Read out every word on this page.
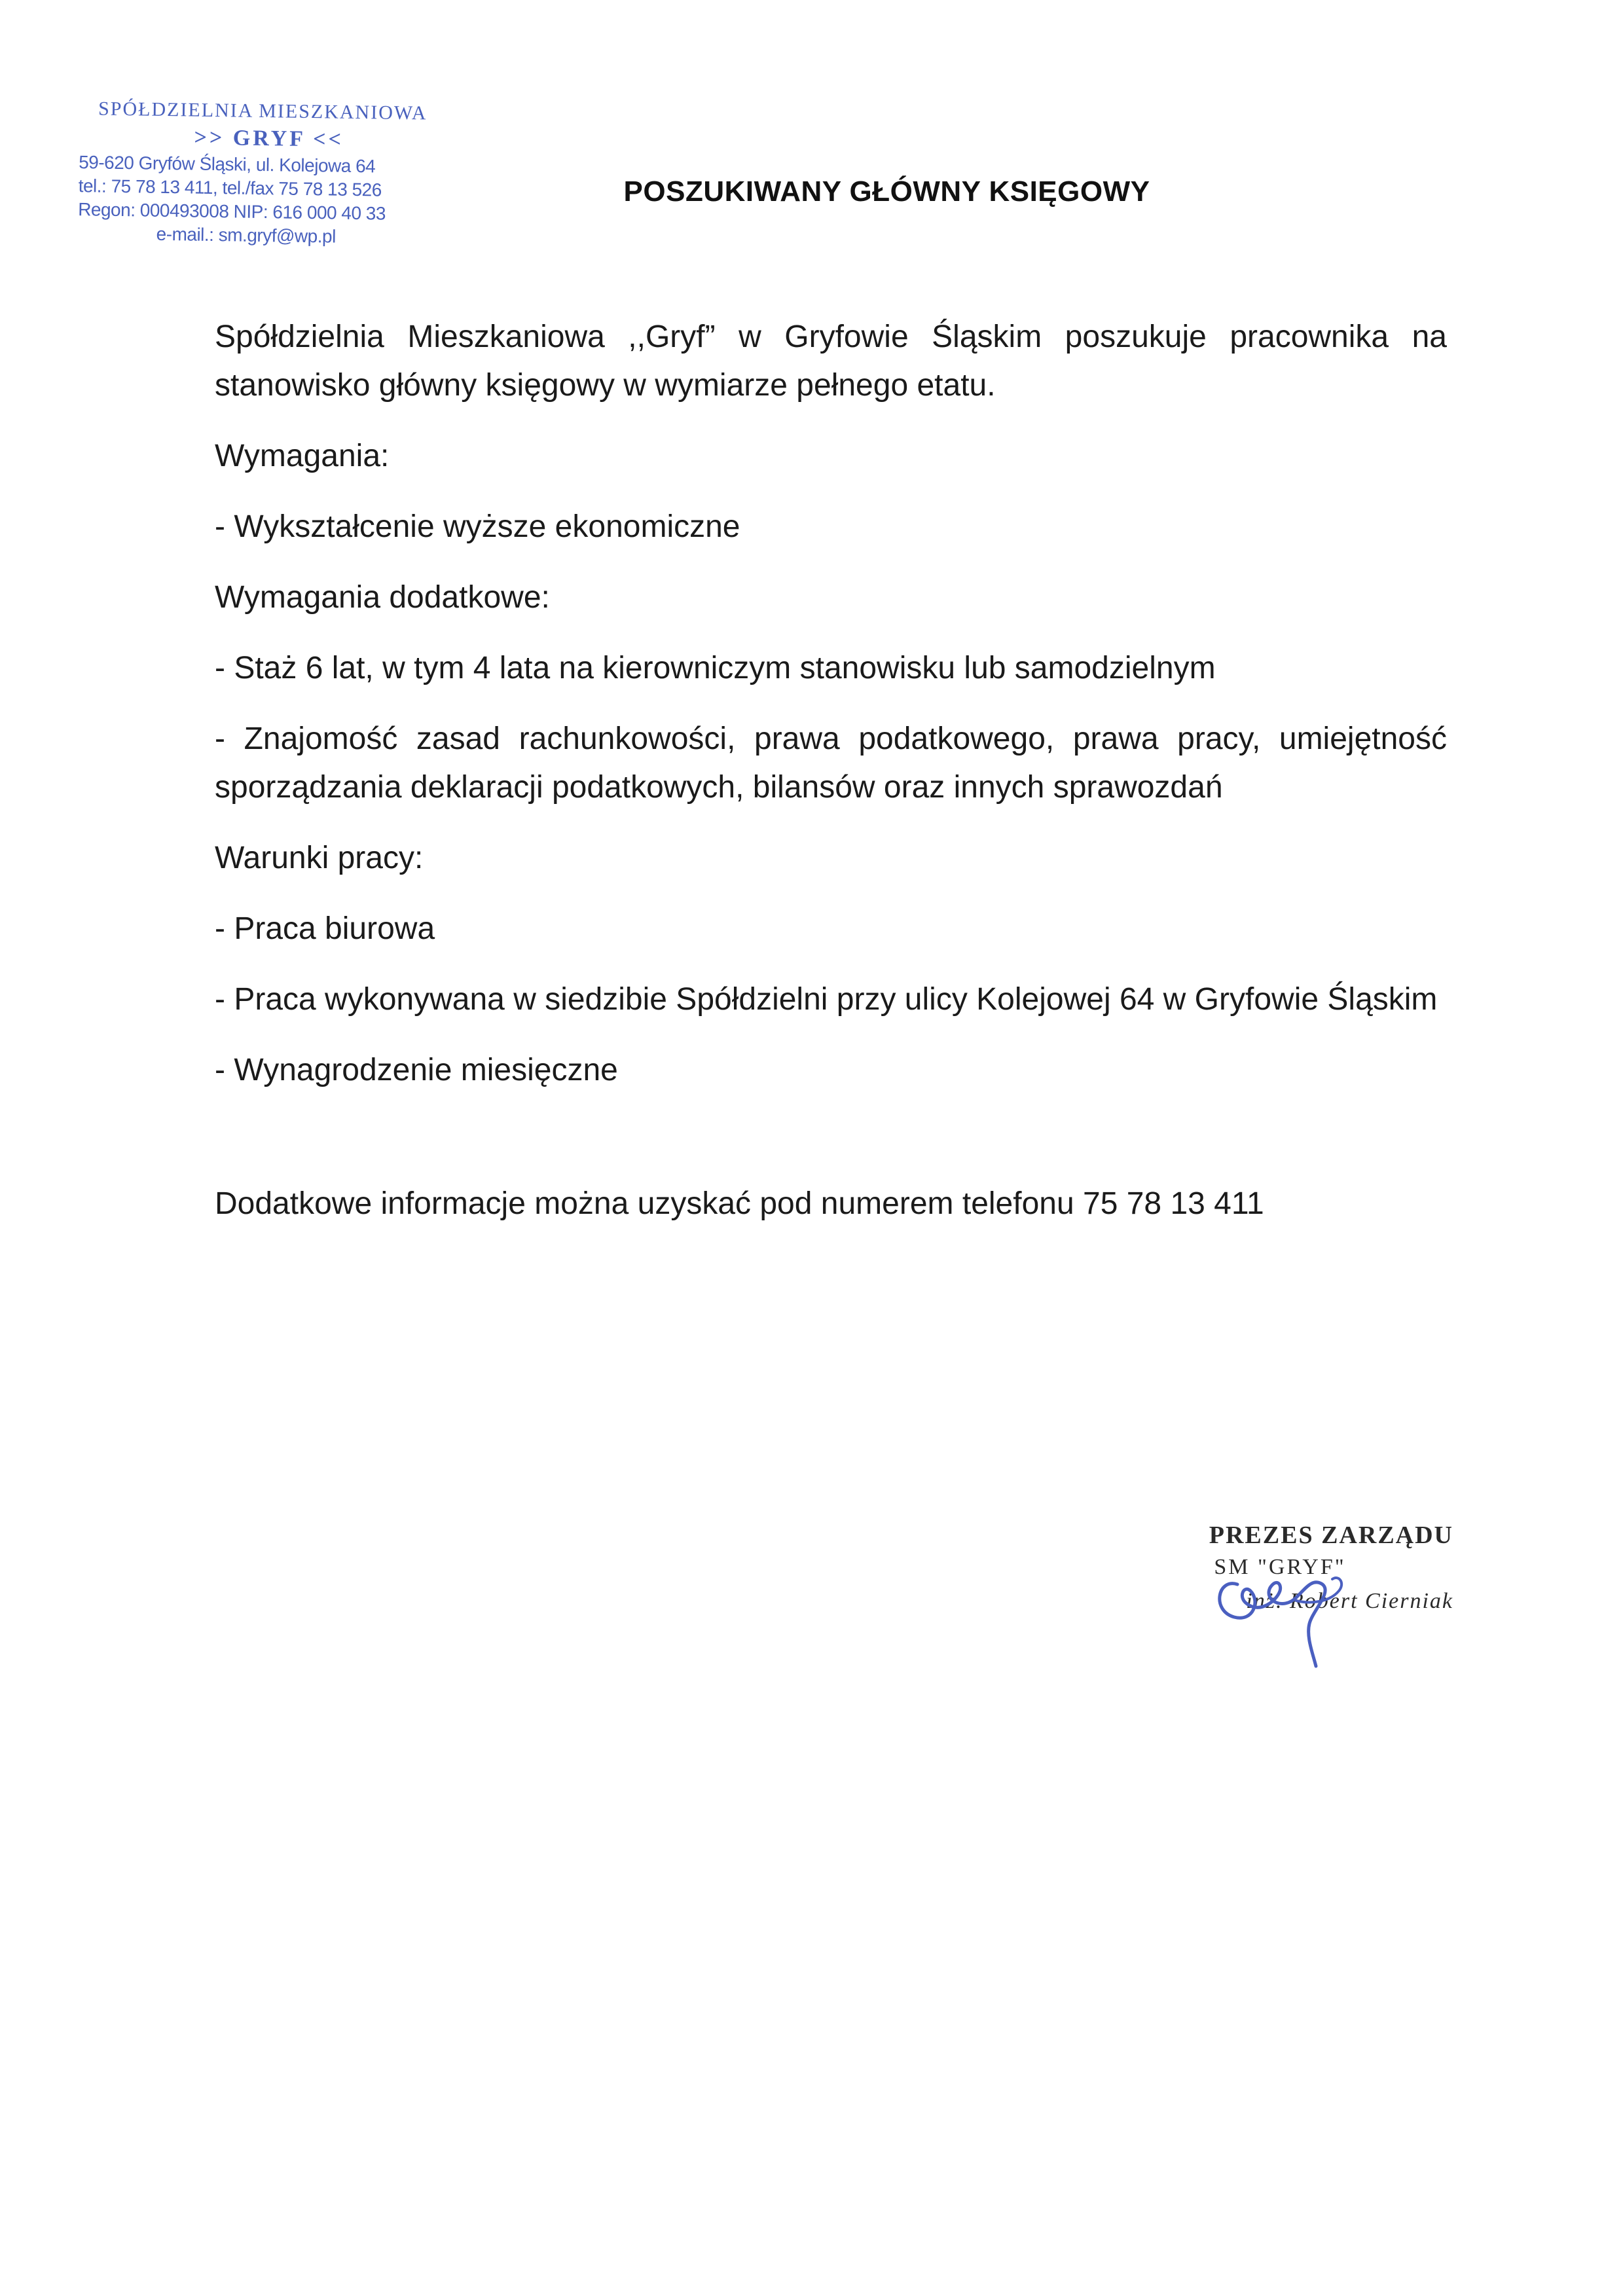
SPÓŁDZIELNIA MIESZKANIOWA
>> GRYF <<
59-620 Gryfów Śląski, ul. Kolejowa 64
tel.: 75 78 13 411, tel./fax 75 78 13 526
Regon: 000493008 NIP: 616 000 40 33
e-mail.: sm.gryf@wp.pl
POSZUKIWANY GŁÓWNY KSIĘGOWY

Spółdzielnia Mieszkaniowa ,,Gryf” w Gryfowie Śląskim poszukuje pracownika na stanowisko główny księgowy w wymiarze pełnego etatu.

Wymagania:

- Wykształcenie wyższe ekonomiczne

Wymagania dodatkowe:

- Staż 6 lat, w tym 4 lata na kierowniczym stanowisku lub samodzielnym

- Znajomość zasad rachunkowości, prawa podatkowego, prawa pracy, umiejętność sporządzania deklaracji podatkowych, bilansów oraz innych sprawozdań

Warunki pracy:

- Praca biurowa

- Praca wykonywana w siedzibie Spółdzielni przy ulicy Kolejowej 64 w Gryfowie Śląskim

- Wynagrodzenie miesięczne

Dodatkowe informacje można uzyskać pod numerem telefonu 75 78 13 411

PREZES ZARZĄDU
SM "GRYF"
inż. Robert Cierniak
